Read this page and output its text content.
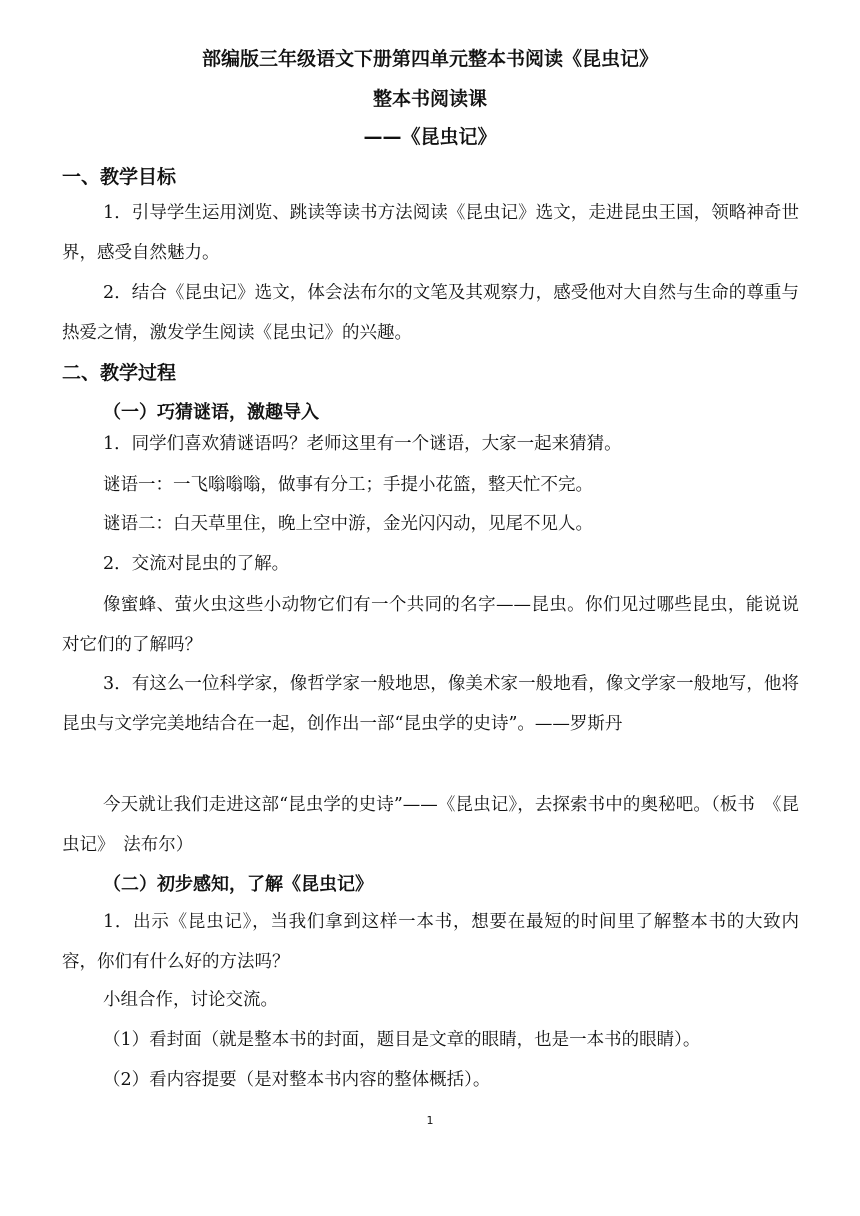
部编版三年级语文下册第四单元整本书阅读《昆虫记》
整本书阅读课
——《昆虫记》
一、教学目标
1．引导学生运用浏览、跳读等读书方法阅读《昆虫记》选文，走进昆虫王国，领略神奇世界，感受自然魅力。
2．结合《昆虫记》选文，体会法布尔的文笔及其观察力，感受他对大自然与生命的尊重与热爱之情，激发学生阅读《昆虫记》的兴趣。
二、教学过程
（一）巧猜谜语，激趣导入
1．同学们喜欢猜谜语吗？老师这里有一个谜语，大家一起来猜猜。
谜语一：一飞嗡嗡嗡，做事有分工；手提小花篮，整天忙不完。
谜语二：白天草里住，晚上空中游，金光闪闪动，见尾不见人。
2．交流对昆虫的了解。
像蜜蜂、萤火虫这些小动物它们有一个共同的名字——昆虫。你们见过哪些昆虫，能说说对它们的了解吗？
3．有这么一位科学家，像哲学家一般地思，像美术家一般地看，像文学家一般地写，他将昆虫与文学完美地结合在一起，创作出一部“昆虫学的史诗”。——罗斯丹
今天就让我们走进这部“昆虫学的史诗”——《昆虫记》，去探索书中的奥秘吧。（板书　《昆虫记》　法布尔）
（二）初步感知，了解《昆虫记》
1．出示《昆虫记》，当我们拿到这样一本书，想要在最短的时间里了解整本书的大致内容，你们有什么好的方法吗？
小组合作，讨论交流。
（1）看封面（就是整本书的封面，题目是文章的眼睛，也是一本书的眼睛）。
（2）看内容提要（是对整本书内容的整体概括）。
1
